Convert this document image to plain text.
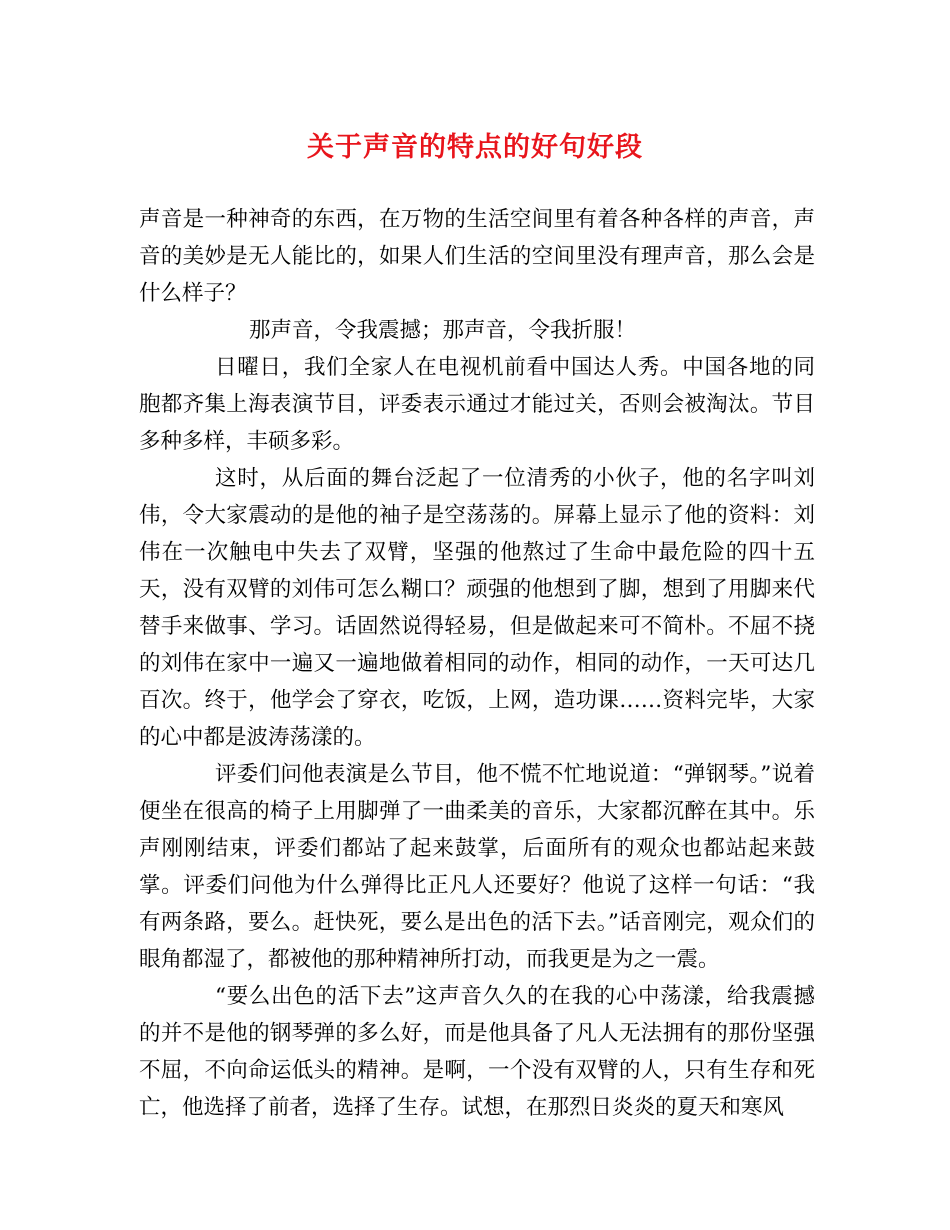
关于声音的特点的好句好段

声音是一种神奇的东西，在万物的生活空间里有着各种各样的声音，声音的美妙是无人能比的，如果人们生活的空间里没有理声音，那么会是什么样子？

那声音，令我震撼；那声音，令我折服！

日曜日，我们全家人在电视机前看中国达人秀。中国各地的同胞都齐集上海表演节目，评委表示通过才能过关，否则会被淘汰。节目多种多样，丰硕多彩。

这时，从后面的舞台泛起了一位清秀的小伙子，他的名字叫刘伟，令大家震动的是他的袖子是空荡荡的。屏幕上显示了他的资料：刘伟在一次触电中失去了双臂，坚强的他熬过了生命中最危险的四十五天，没有双臂的刘伟可怎么糊口？顽强的他想到了脚，想到了用脚来代替手来做事、学习。话固然说得轻易，但是做起来可不简朴。不屈不挠的刘伟在家中一遍又一遍地做着相同的动作，相同的动作，一天可达几百次。终于，他学会了穿衣，吃饭，上网，造功课……资料完毕，大家的心中都是波涛荡漾的。

评委们问他表演是么节目，他不慌不忙地说道：“弹钢琴。”说着便坐在很高的椅子上用脚弹了一曲柔美的音乐，大家都沉醉在其中。乐声刚刚结束，评委们都站了起来鼓掌，后面所有的观众也都站起来鼓掌。评委们问他为什么弹得比正凡人还要好？他说了这样一句话：“我有两条路，要么。赶快死，要么是出色的活下去。”话音刚完，观众们的眼角都湿了，都被他的那种精神所打动，而我更是为之一震。

“要么出色的活下去”这声音久久的在我的心中荡漾，给我震撼的并不是他的钢琴弹的多么好，而是他具备了凡人无法拥有的那份坚强不屈，不向命运低头的精神。是啊，一个没有双臂的人，只有生存和死亡，他选择了前者，选择了生存。试想，在那烈日炎炎的夏天和寒风
